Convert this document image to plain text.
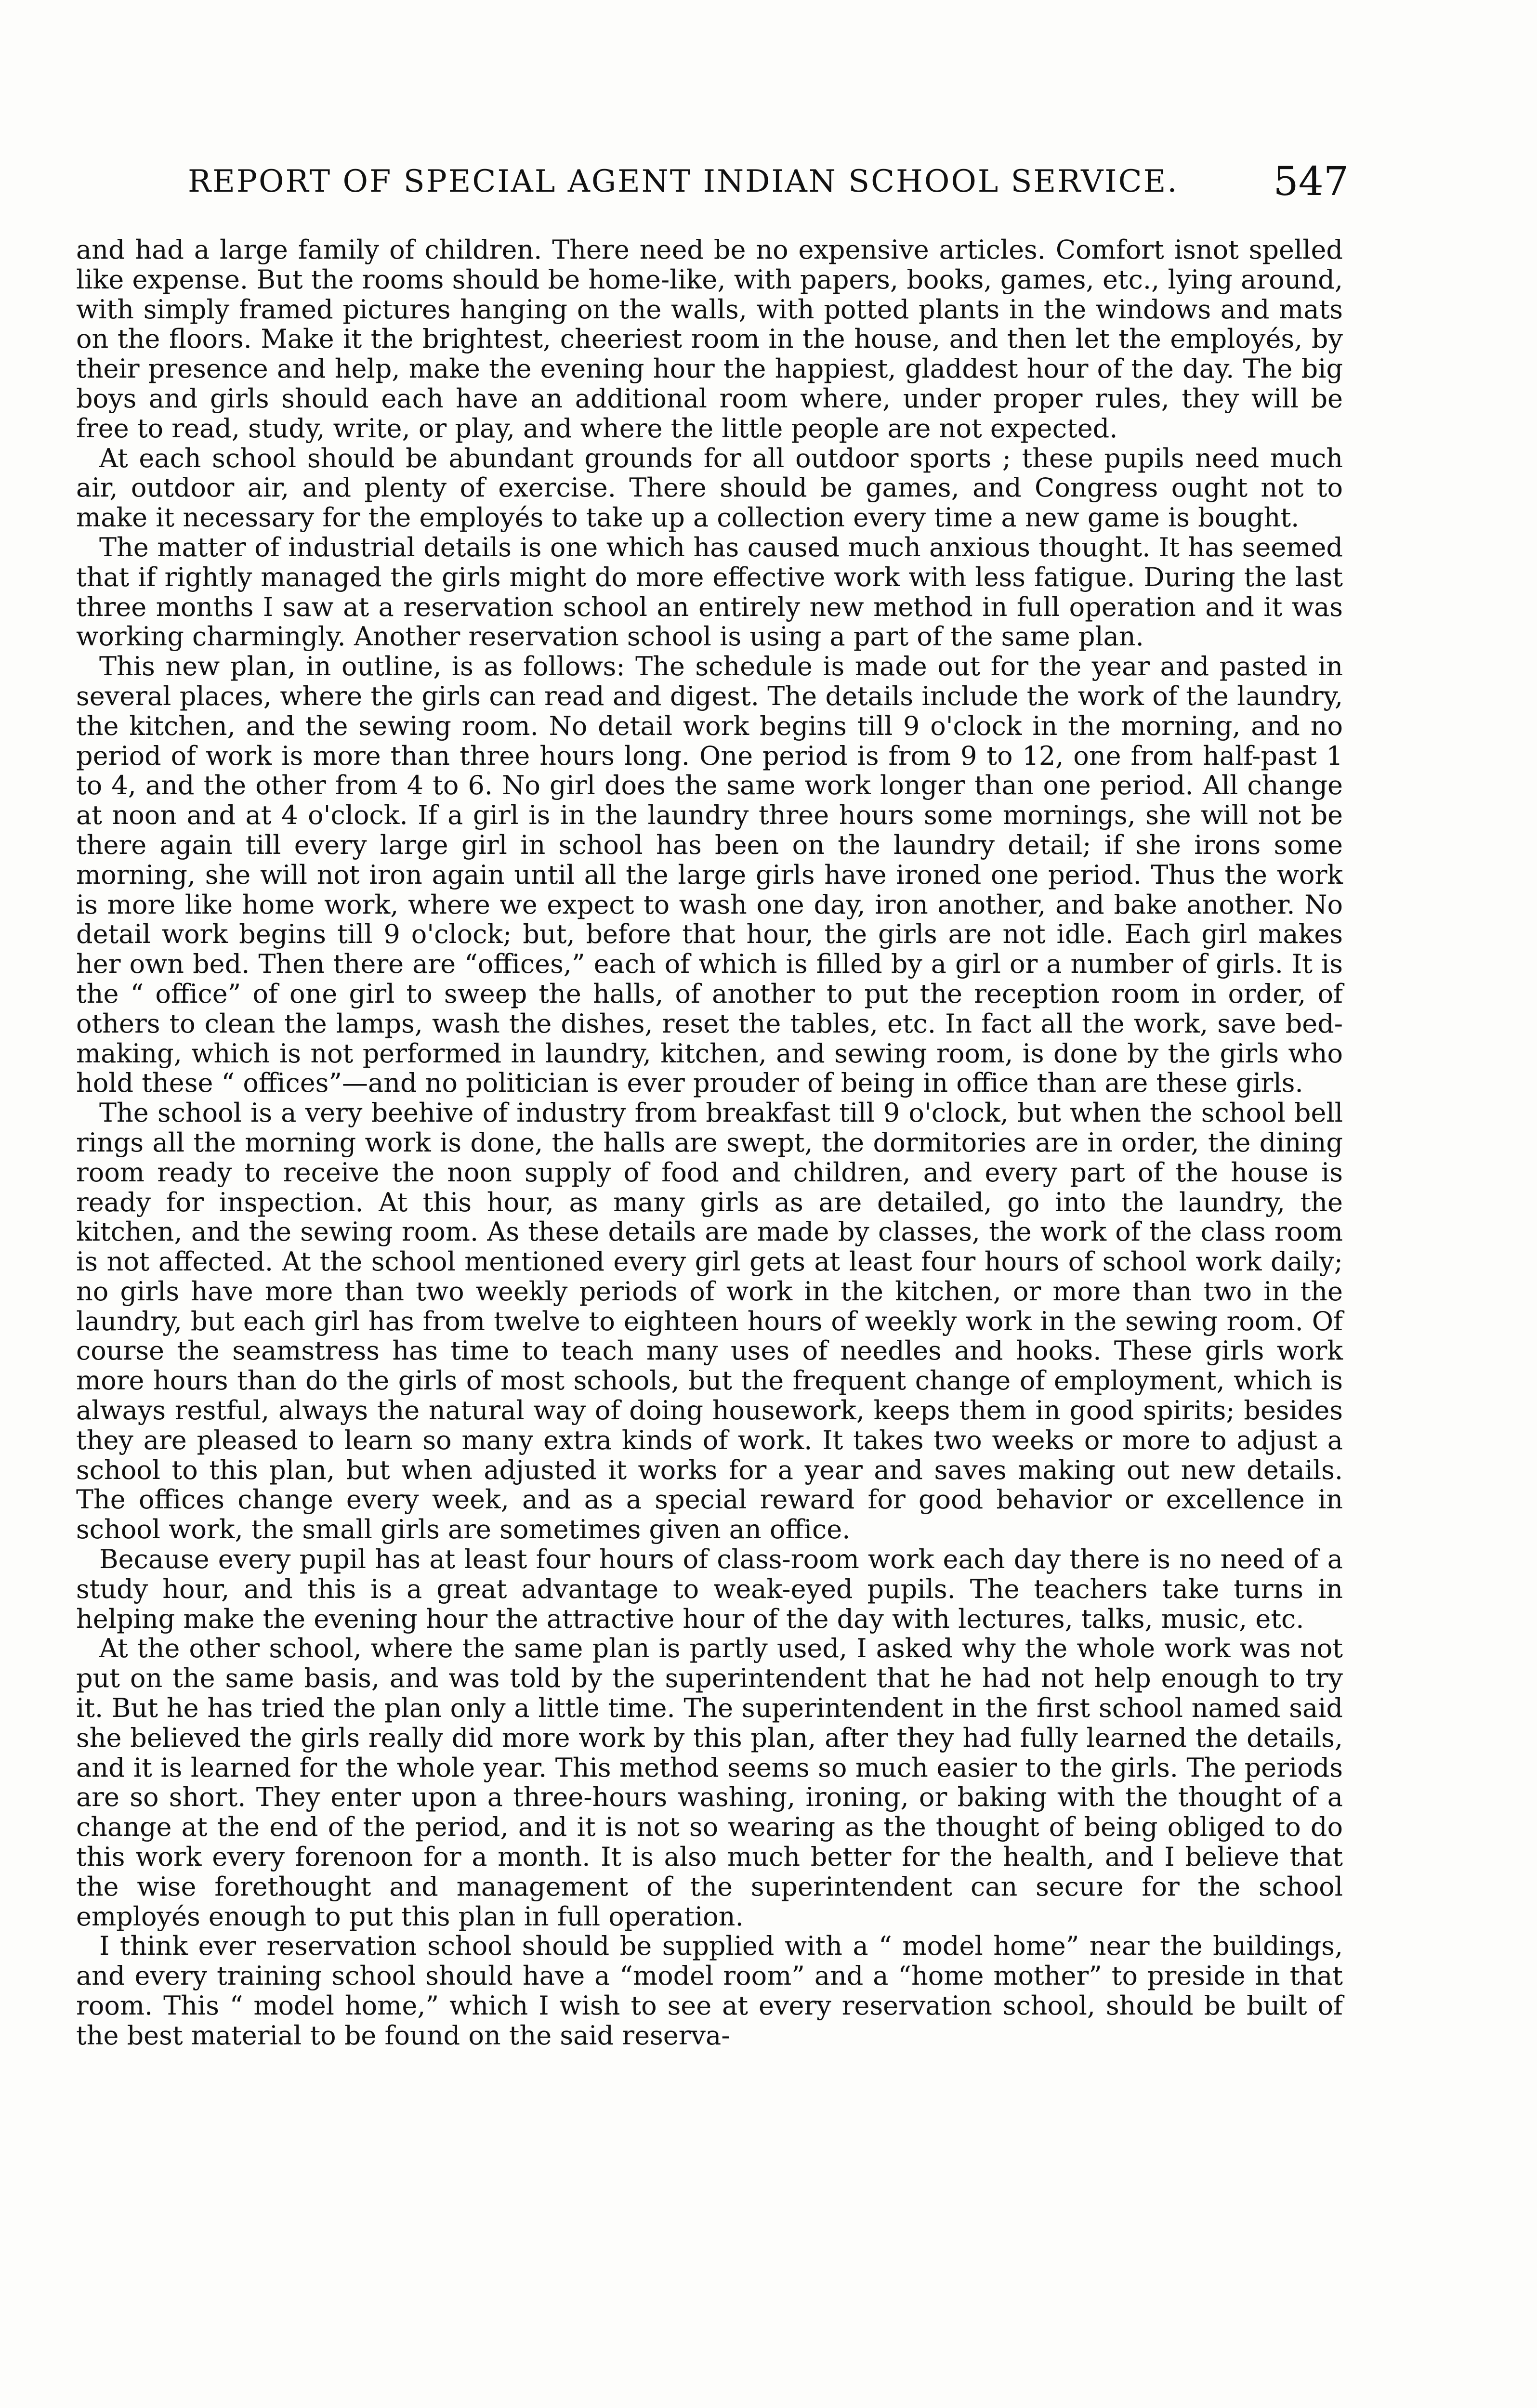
REPORT OF SPECIAL AGENT INDIAN SCHOOL SERVICE. 547

and had a large family of children. There need be no expensive articles. Comfort isnot spelled like expense. But the rooms should be home-like, with papers, books, games, etc., lying around, with simply framed pictures hanging on the walls, with potted plants in the windows and mats on the floors. Make it the brightest, cheeriest room in the house, and then let the employés, by their presence and help, make the evening hour the happiest, gladdest hour of the day. The big boys and girls should each have an additional room where, under proper rules, they will be free to read, study, write, or play, and where the little people are not expected.

At each school should be abundant grounds for all outdoor sports ; these pupils need much air, outdoor air, and plenty of exercise. There should be games, and Congress ought not to make it necessary for the employés to take up a collection every time a new game is bought.

The matter of industrial details is one which has caused much anxious thought. It has seemed that if rightly managed the girls might do more effective work with less fatigue. During the last three months I saw at a reservation school an entirely new method in full operation and it was working charmingly. Another reservation school is using a part of the same plan.

This new plan, in outline, is as follows: The schedule is made out for the year and pasted in several places, where the girls can read and digest. The details include the work of the laundry, the kitchen, and the sewing room. No detail work begins till 9 o'clock in the morning, and no period of work is more than three hours long. One period is from 9 to 12, one from half-past 1 to 4, and the other from 4 to 6. No girl does the same work longer than one period. All change at noon and at 4 o'clock. If a girl is in the laundry three hours some mornings, she will not be there again till every large girl in school has been on the laundry detail; if she irons some morning, she will not iron again until all the large girls have ironed one period. Thus the work is more like home work, where we expect to wash one day, iron another, and bake another. No detail work begins till 9 o'clock; but, before that hour, the girls are not idle. Each girl makes her own bed. Then there are “offices,” each of which is filled by a girl or a number of girls. It is the “ office” of one girl to sweep the halls, of another to put the reception room in order, of others to clean the lamps, wash the dishes, reset the tables, etc. In fact all the work, save bed-making, which is not performed in laundry, kitchen, and sewing room, is done by the girls who hold these “ offices”—and no politician is ever prouder of being in office than are these girls.

The school is a very beehive of industry from breakfast till 9 o'clock, but when the school bell rings all the morning work is done, the halls are swept, the dormitories are in order, the dining room ready to receive the noon supply of food and children, and every part of the house is ready for inspection. At this hour, as many girls as are detailed, go into the laundry, the kitchen, and the sewing room. As these details are made by classes, the work of the class room is not affected. At the school mentioned every girl gets at least four hours of school work daily; no girls have more than two weekly periods of work in the kitchen, or more than two in the laundry, but each girl has from twelve to eighteen hours of weekly work in the sewing room. Of course the seamstress has time to teach many uses of needles and hooks. These girls work more hours than do the girls of most schools, but the frequent change of employment, which is always restful, always the natural way of doing housework, keeps them in good spirits; besides they are pleased to learn so many extra kinds of work. It takes two weeks or more to adjust a school to this plan, but when adjusted it works for a year and saves making out new details. The offices change every week, and as a special reward for good behavior or excellence in school work, the small girls are sometimes given an office.

Because every pupil has at least four hours of class-room work each day there is no need of a study hour, and this is a great advantage to weak-eyed pupils. The teachers take turns in helping make the evening hour the attractive hour of the day with lectures, talks, music, etc.

At the other school, where the same plan is partly used, I asked why the whole work was not put on the same basis, and was told by the superintendent that he had not help enough to try it. But he has tried the plan only a little time. The superintendent in the first school named said she believed the girls really did more work by this plan, after they had fully learned the details, and it is learned for the whole year. This method seems so much easier to the girls. The periods are so short. They enter upon a three-hours washing, ironing, or baking with the thought of a change at the end of the period, and it is not so wearing as the thought of being obliged to do this work every forenoon for a month. It is also much better for the health, and I believe that the wise forethought and management of the superintendent can secure for the school employés enough to put this plan in full operation.

I think ever reservation school should be supplied with a “ model home” near the buildings, and every training school should have a “model room” and a “home mother” to preside in that room. This “ model home,” which I wish to see at every reservation school, should be built of the best material to be found on the said reserva-
